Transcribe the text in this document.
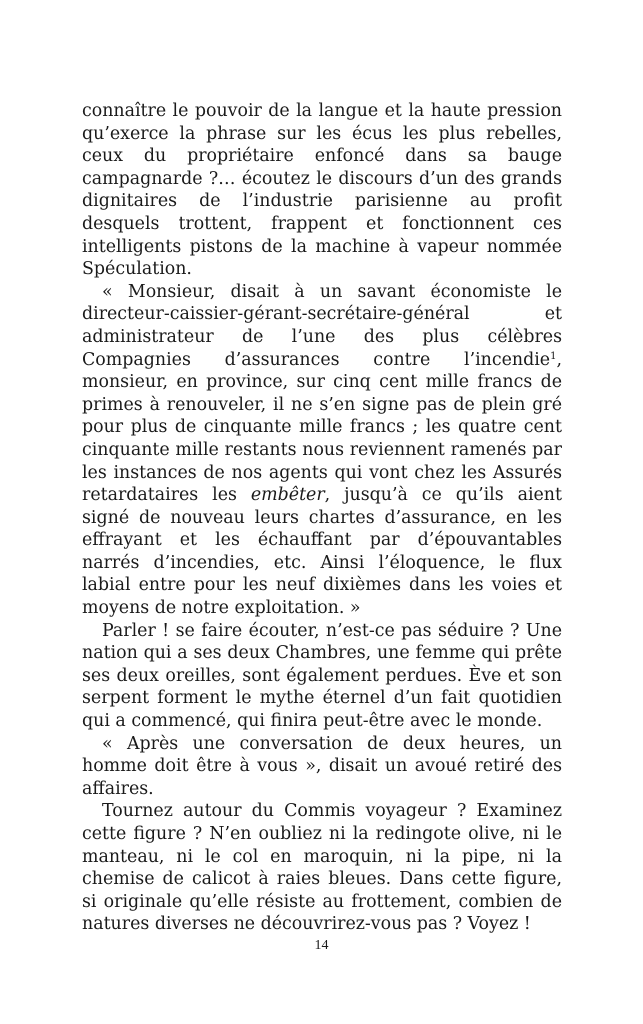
connaître le pouvoir de la langue et la haute pression qu’exerce la phrase sur les écus les plus rebelles, ceux du propriétaire enfoncé dans sa bauge campagnarde ?… écoutez le discours d’un des grands dignitaires de l’industrie parisienne au profit desquels trottent, frappent et fonctionnent ces intelligents pistons de la machine à vapeur nommée Spéculation.

« Monsieur, disait à un savant économiste le directeur-caissier-gérant-secrétaire-général et administrateur de l’une des plus célèbres Compagnies d’assurances contre l’incendie$^1$, monsieur, en province, sur cinq cent mille francs de primes à renouveler, il ne s’en signe pas de plein gré pour plus de cinquante mille francs ; les quatre cent cinquante mille restants nous reviennent ramenés par les instances de nos agents qui vont chez les Assurés retardataires les embêter, jusqu’à ce qu’ils aient signé de nouveau leurs chartes d’assurance, en les effrayant et les échauffant par d’épouvantables narrés d’incendies, etc. Ainsi l’éloquence, le flux labial entre pour les neuf dixièmes dans les voies et moyens de notre exploitation. »

Parler ! se faire écouter, n’est-ce pas séduire ? Une nation qui a ses deux Chambres, une femme qui prête ses deux oreilles, sont également perdues. Ève et son serpent forment le mythe éternel d’un fait quotidien qui a commencé, qui finira peut-être avec le monde.

« Après une conversation de deux heures, un homme doit être à vous », disait un avoué retiré des affaires.

Tournez autour du Commis voyageur ? Examinez cette figure ? N’en oubliez ni la redingote olive, ni le manteau, ni le col en maroquin, ni la pipe, ni la chemise de calicot à raies bleues. Dans cette figure, si originale qu’elle résiste au frottement, combien de natures diverses ne découvrirez-vous pas ? Voyez !

14
